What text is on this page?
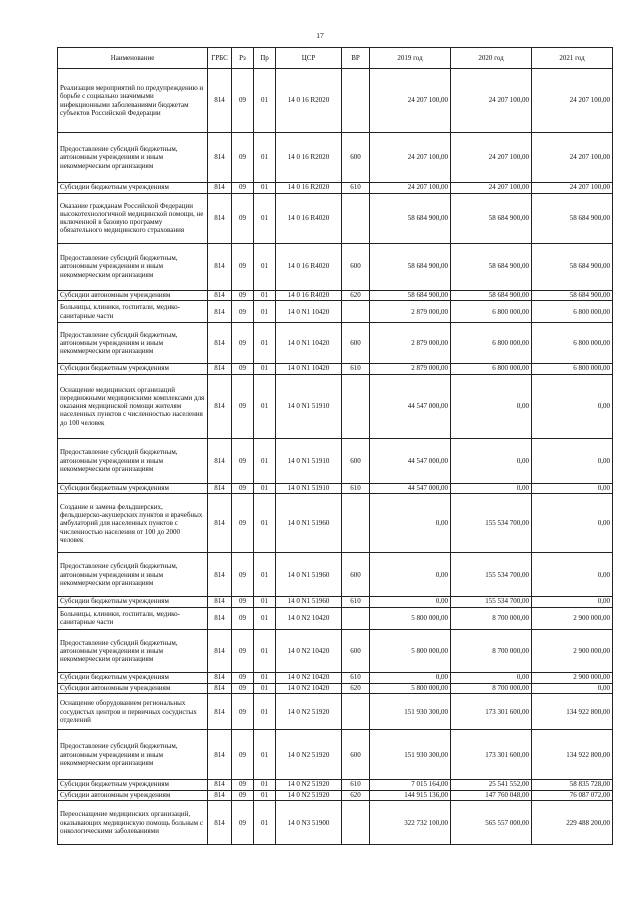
17
Наименование	ГРБС	Рз	Пр	ЦСР	ВР	2019 год	2020 год	2021 год
Реализация мероприятий по предупреждению и борьбе с социально значимыми инфекционными заболеваниями бюджетам субъектов Российской Федерации	814	09	01	14 0 16 R2020		24 207 100,00	24 207 100,00	24 207 100,00
Предоставление субсидий бюджетным, автономным учреждениям и иным некоммерческим организациям	814	09	01	14 0 16 R2020	600	24 207 100,00	24 207 100,00	24 207 100,00
Субсидии бюджетным учреждениям	814	09	01	14 0 16 R2020	610	24 207 100,00	24 207 100,00	24 207 100,00
Оказание гражданам Российской Федерации высокотехнологичной медицинской помощи, не включенной в базовую программу обязательного медицинского страхования	814	09	01	14 0 16 R4020		58 684 900,00	58 684 900,00	58 684 900,00
Предоставление субсидий бюджетным, автономным учреждениям и иным некоммерческим организациям	814	09	01	14 0 16 R4020	600	58 684 900,00	58 684 900,00	58 684 900,00
Субсидии автономным учреждениям	814	09	01	14 0 16 R4020	620	58 684 900,00	58 684 900,00	58 684 900,00
Больницы, клиники, госпитали, медико-санитарные части	814	09	01	14 0 N1 10420		2 879 000,00	6 800 000,00	6 800 000,00
Предоставление субсидий бюджетным, автономным учреждениям и иным некоммерческим организациям	814	09	01	14 0 N1 10420	600	2 879 000,00	6 800 000,00	6 800 000,00
Субсидии бюджетным учреждениям	814	09	01	14 0 N1 10420	610	2 879 000,00	6 800 000,00	6 800 000,00
Оснащение медицинских организаций передвижными медицинскими комплексами для оказания медицинской помощи жителям населенных пунктов с численностью населения до 100 человек	814	09	01	14 0 N1 51910		44 547 000,00	0,00	0,00
Предоставление субсидий бюджетным, автономным учреждениям и иным некоммерческим организациям	814	09	01	14 0 N1 51910	600	44 547 000,00	0,00	0,00
Субсидии бюджетным учреждениям	814	09	01	14 0 N1 51910	610	44 547 000,00	0,00	0,00
Создание и замена фельдшерских, фельдшерско-акушерских пунктов и врачебных амбулаторий для населенных пунктов с численностью населения от 100 до 2000 человек	814	09	01	14 0 N1 51960		0,00	155 534 700,00	0,00
Предоставление субсидий бюджетным, автономным учреждениям и иным некоммерческим организациям	814	09	01	14 0 N1 51960	600	0,00	155 534 700,00	0,00
Субсидии бюджетным учреждениям	814	09	01	14 0 N1 51960	610	0,00	155 534 700,00	0,00
Больницы, клиники, госпитали, медико-санитарные части	814	09	01	14 0 N2 10420		5 800 000,00	8 700 000,00	2 900 000,00
Предоставление субсидий бюджетным, автономным учреждениям и иным некоммерческим организациям	814	09	01	14 0 N2 10420	600	5 800 000,00	8 700 000,00	2 900 000,00
Субсидии бюджетным учреждениям	814	09	01	14 0 N2 10420	610	0,00	0,00	2 900 000,00
Субсидии автономным учреждениям	814	09	01	14 0 N2 10420	620	5 800 000,00	8 700 000,00	0,00
Оснащение оборудованием региональных сосудистых центров и первичных сосудистых отделений	814	09	01	14 0 N2 51920		151 930 300,00	173 301 600,00	134 922 800,00
Предоставление субсидий бюджетным, автономным учреждениям и иным некоммерческим организациям	814	09	01	14 0 N2 51920	600	151 930 300,00	173 301 600,00	134 922 800,00
Субсидии бюджетным учреждениям	814	09	01	14 0 N2 51920	610	7 015 164,00	25 541 552,00	58 835 728,00
Субсидии автономным учреждениям	814	09	01	14 0 N2 51920	620	144 915 136,00	147 760 048,00	76 087 072,00
Переоснащение медицинских организаций, оказывающих медицинскую помощь больным с онкологическими заболеваниями	814	09	01	14 0 N3 51900		322 732 100,00	565 557 000,00	229 488 200,00
